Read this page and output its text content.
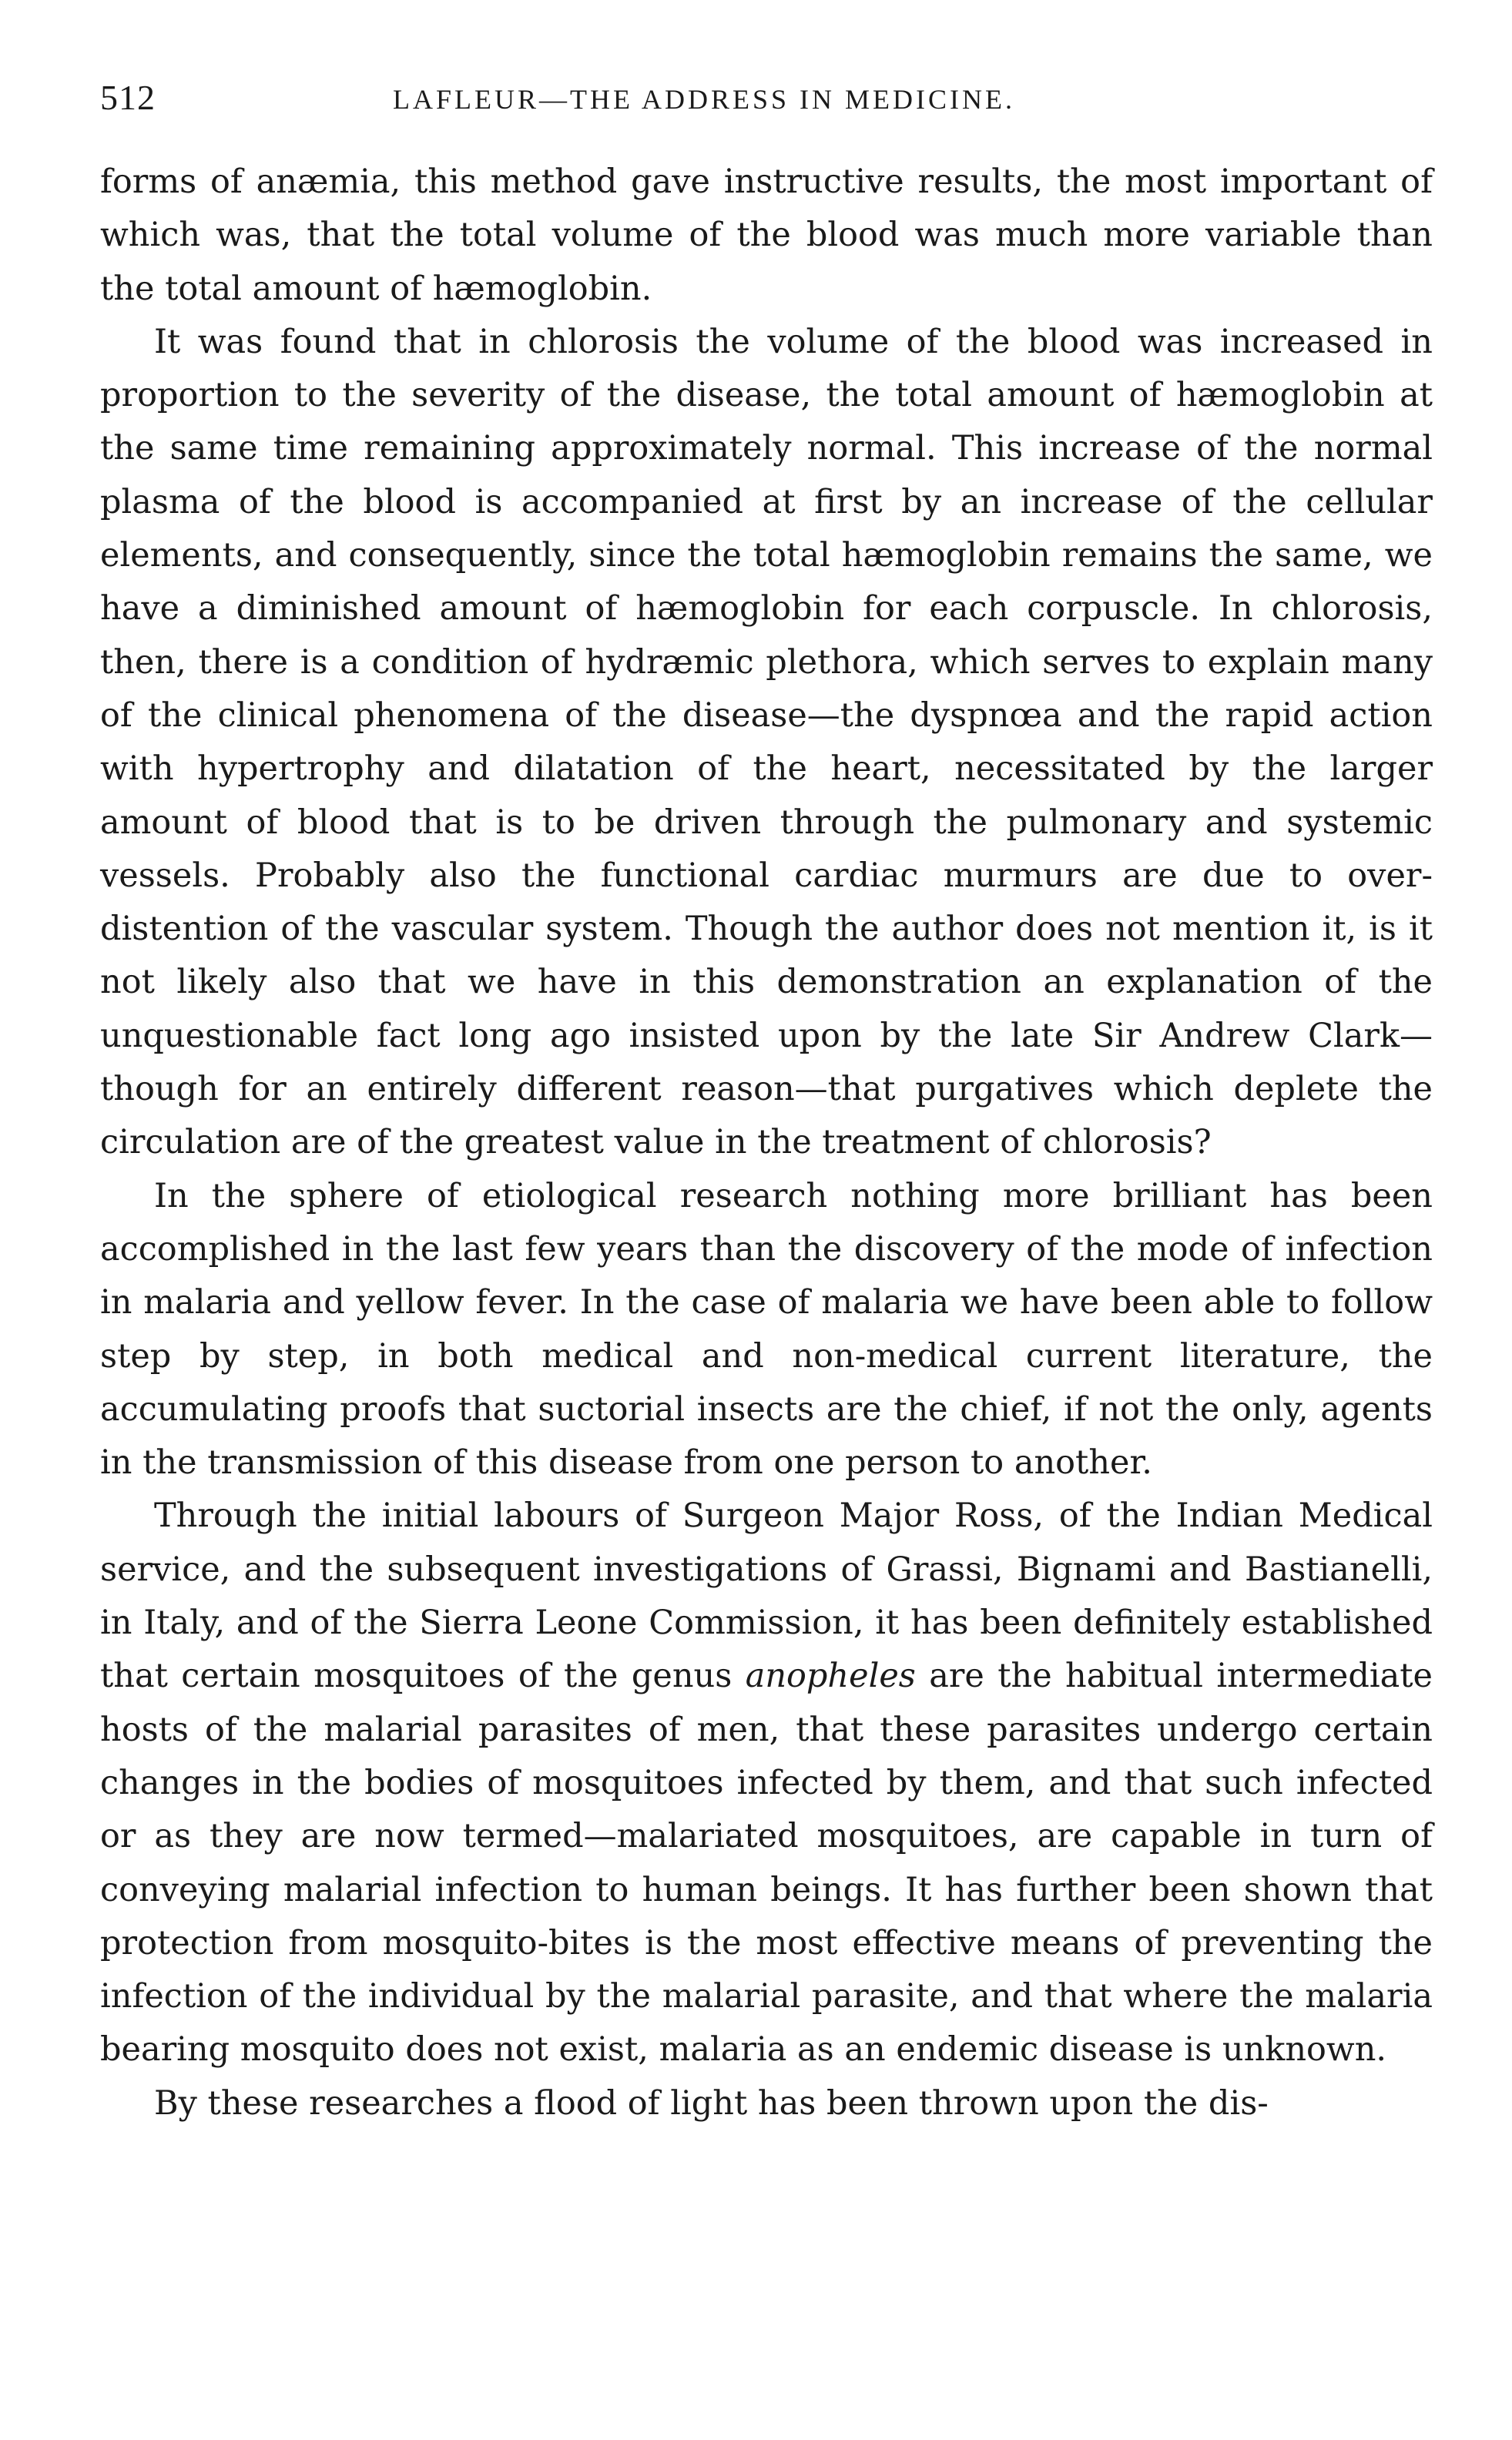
512	LAFLEUR—THE ADDRESS IN MEDICINE.

forms of anæmia, this method gave instructive results, the most important of which was, that the total volume of the blood was much more variable than the total amount of hæmoglobin.

It was found that in chlorosis the volume of the blood was increased in proportion to the severity of the disease, the total amount of hæmoglobin at the same time remaining approximately normal. This increase of the normal plasma of the blood is accompanied at first by an increase of the cellular elements, and consequently, since the total hæmoglobin remains the same, we have a diminished amount of hæmoglobin for each corpuscle. In chlorosis, then, there is a condition of hydræmic plethora, which serves to explain many of the clinical phenomena of the disease—the dyspnœa and the rapid action with hypertrophy and dilatation of the heart, necessitated by the larger amount of blood that is to be driven through the pulmonary and systemic vessels. Probably also the functional cardiac murmurs are due to over-distention of the vascular system. Though the author does not mention it, is it not likely also that we have in this demonstration an explanation of the unquestionable fact long ago insisted upon by the late Sir Andrew Clark—though for an entirely different reason—that purgatives which deplete the circulation are of the greatest value in the treatment of chlorosis?

In the sphere of etiological research nothing more brilliant has been accomplished in the last few years than the discovery of the mode of infection in malaria and yellow fever. In the case of malaria we have been able to follow step by step, in both medical and non-medical current literature, the accumulating proofs that suctorial insects are the chief, if not the only, agents in the transmission of this disease from one person to another.

Through the initial labours of Surgeon Major Ross, of the Indian Medical service, and the subsequent investigations of Grassi, Bignami and Bastianelli, in Italy, and of the Sierra Leone Commission, it has been definitely established that certain mosquitoes of the genus anopheles are the habitual intermediate hosts of the malarial parasites of men, that these parasites undergo certain changes in the bodies of mosquitoes infected by them, and that such infected or as they are now termed—malariated mosquitoes, are capable in turn of conveying malarial infection to human beings. It has further been shown that protection from mosquito-bites is the most effective means of preventing the infection of the individual by the malarial parasite, and that where the malaria bearing mosquito does not exist, malaria as an endemic disease is unknown.

By these researches a flood of light has been thrown upon the dis-
